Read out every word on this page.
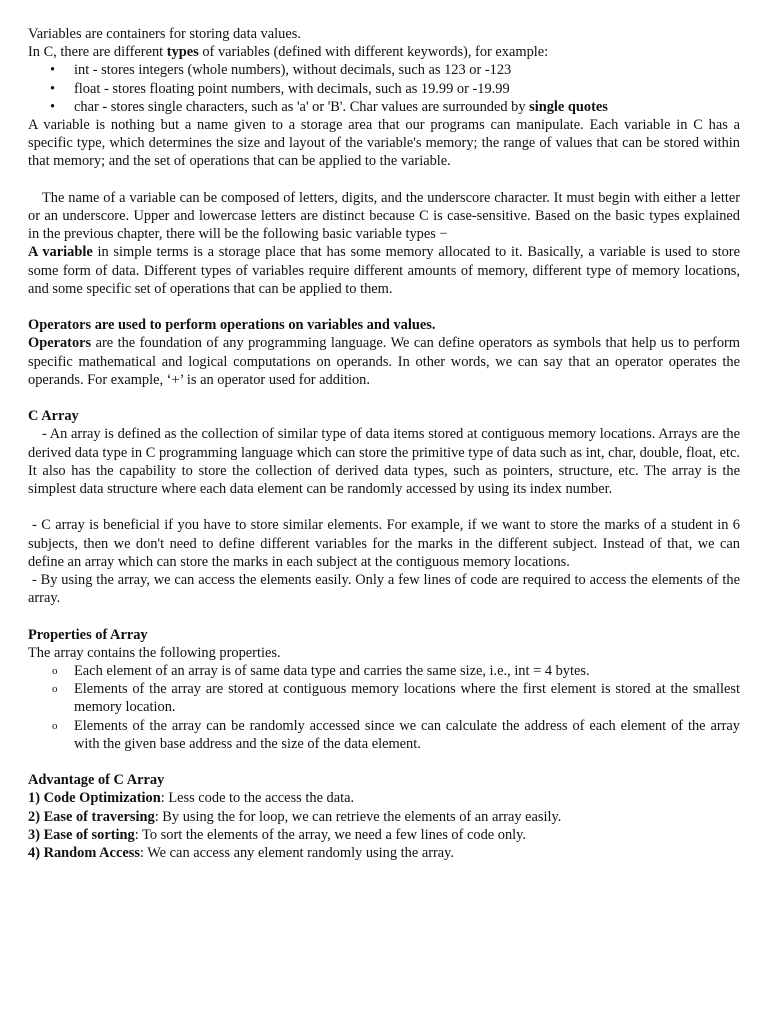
Variables are containers for storing data values.

In C, there are different types of variables (defined with different keywords), for example:

• int - stores integers (whole numbers), without decimals, such as 123 or -123
• float - stores floating point numbers, with decimals, such as 19.99 or -19.99
• char - stores single characters, such as 'a' or 'B'. Char values are surrounded by single quotes

A variable is nothing but a name given to a storage area that our programs can manipulate. Each variable in C has a specific type, which determines the size and layout of the variable's memory; the range of values that can be stored within that memory; and the set of operations that can be applied to the variable.

The name of a variable can be composed of letters, digits, and the underscore character. It must begin with either a letter or an underscore. Upper and lowercase letters are distinct because C is case-sensitive. Based on the basic types explained in the previous chapter, there will be the following basic variable types −

A variable in simple terms is a storage place that has some memory allocated to it. Basically, a variable is used to store some form of data. Different types of variables require different amounts of memory, different type of memory locations, and some specific set of operations that can be applied to them.

Operators are used to perform operations on variables and values.

Operators are the foundation of any programming language. We can define operators as symbols that help us to perform specific mathematical and logical computations on operands. In other words, we can say that an operator operates the operands. For example, ‘+’ is an operator used for addition.

C Array

- An array is defined as the collection of similar type of data items stored at contiguous memory locations. Arrays are the derived data type in C programming language which can store the primitive type of data such as int, char, double, float, etc. It also has the capability to store the collection of derived data types, such as pointers, structure, etc. The array is the simplest data structure where each data element can be randomly accessed by using its index number.

- C array is beneficial if you have to store similar elements. For example, if we want to store the marks of a student in 6 subjects, then we don't need to define different variables for the marks in the different subject. Instead of that, we can define an array which can store the marks in each subject at the contiguous memory locations.

- By using the array, we can access the elements easily. Only a few lines of code are required to access the elements of the array.

Properties of Array

The array contains the following properties.

o Each element of an array is of same data type and carries the same size, i.e., int = 4 bytes.
o Elements of the array are stored at contiguous memory locations where the first element is stored at the smallest memory location.
o Elements of the array can be randomly accessed since we can calculate the address of each element of the array with the given base address and the size of the data element.

Advantage of C Array

1) Code Optimization: Less code to the access the data.

2) Ease of traversing: By using the for loop, we can retrieve the elements of an array easily.

3) Ease of sorting: To sort the elements of the array, we need a few lines of code only.

4) Random Access: We can access any element randomly using the array.
